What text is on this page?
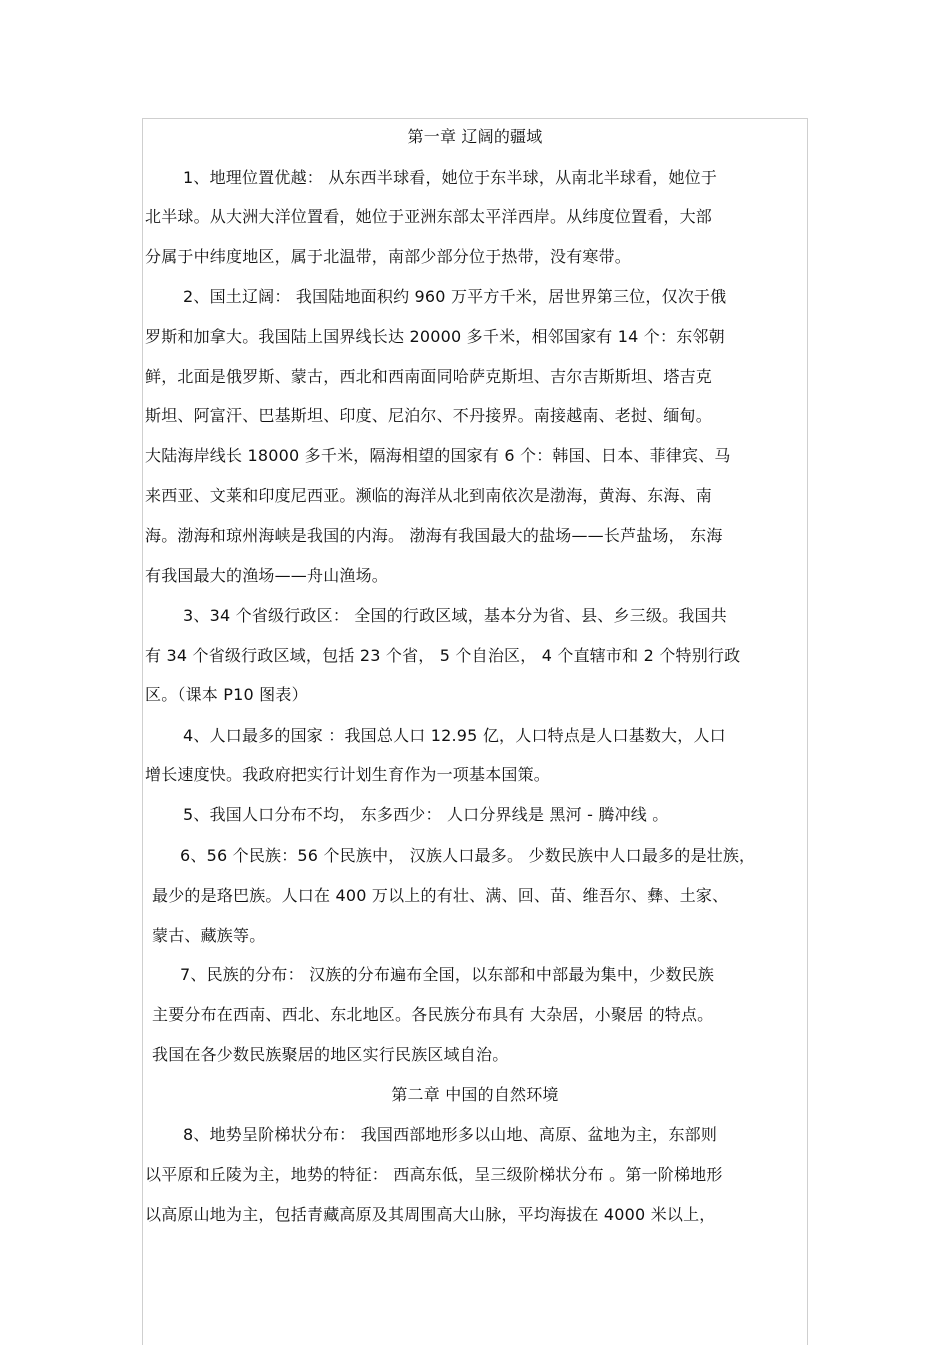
第一章 辽阔的疆域
1、地理位置优越： 从东西半球看，她位于东半球，从南北半球看，她位于
北半球。从大洲大洋位置看，她位于亚洲东部太平洋西岸。从纬度位置看，大部
分属于中纬度地区，属于北温带，南部少部分位于热带，没有寒带。
2、国土辽阔： 我国陆地面积约 960 万平方千米，居世界第三位，仅次于俄
罗斯和加拿大。我国陆上国界线长达 20000 多千米，相邻国家有 14 个：东邻朝
鲜，北面是俄罗斯、蒙古，西北和西南面同哈萨克斯坦、吉尔吉斯斯坦、塔吉克
斯坦、阿富汗、巴基斯坦、印度、尼泊尔、不丹接界。南接越南、老挝、缅甸。
大陆海岸线长 18000 多千米，隔海相望的国家有 6 个：韩国、日本、菲律宾、马
来西亚、文莱和印度尼西亚。濒临的海洋从北到南依次是渤海，黄海、东海、南
海。渤海和琼州海峡是我国的内海。 渤海有我国最大的盐场——长芦盐场， 东海
有我国最大的渔场——舟山渔场。
3、34 个省级行政区： 全国的行政区域，基本分为省、县、乡三级。我国共
有 34 个省级行政区域，包括 23 个省， 5 个自治区， 4 个直辖市和 2 个特别行政
区。（课本 P10 图表）
4、人口最多的国家 ：我国总人口 12.95 亿，人口特点是人口基数大，人口
增长速度快。我政府把实行计划生育作为一项基本国策。
5、我国人口分布不均， 东多西少： 人口分界线是 黑河 - 腾冲线 。
6、56 个民族：56 个民族中， 汉族人口最多。 少数民族中人口最多的是壮族，
最少的是珞巴族。人口在 400 万以上的有壮、满、回、苗、维吾尔、彝、土家、
蒙古、藏族等。
7、民族的分布： 汉族的分布遍布全国，以东部和中部最为集中，少数民族
主要分布在西南、西北、东北地区。各民族分布具有 大杂居，小聚居 的特点。
我国在各少数民族聚居的地区实行民族区域自治。
第二章 中国的自然环境
8、地势呈阶梯状分布： 我国西部地形多以山地、高原、盆地为主，东部则
以平原和丘陵为主，地势的特征： 西高东低，呈三级阶梯状分布 。第一阶梯地形
以高原山地为主，包括青藏高原及其周围高大山脉，平均海拔在 4000 米以上，
